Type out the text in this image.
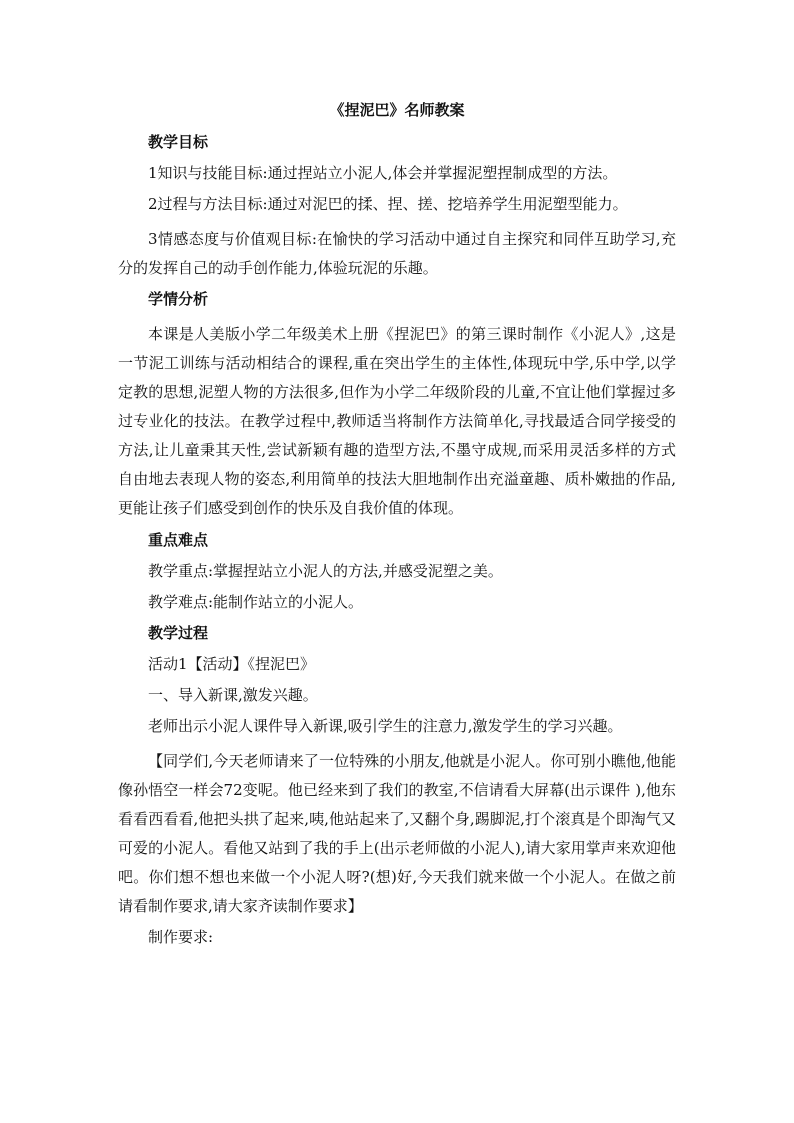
《捏泥巴》名师教案
教学目标
1知识与技能目标:通过捏站立小泥人,体会并掌握泥塑捏制成型的方法。
2过程与方法目标:通过对泥巴的揉、捏、搓、挖培养学生用泥塑型能力。
3情感态度与价值观目标:在愉快的学习活动中通过自主探究和同伴互助学习,充分的发挥自己的动手创作能力,体验玩泥的乐趣。
学情分析
本课是人美版小学二年级美术上册《捏泥巴》的第三课时制作《小泥人》,这是一节泥工训练与活动相结合的课程,重在突出学生的主体性,体现玩中学,乐中学,以学定教的思想,泥塑人物的方法很多,但作为小学二年级阶段的儿童,不宜让他们掌握过多过专业化的技法。在教学过程中,教师适当将制作方法简单化,寻找最适合同学接受的方法,让儿童秉其天性,尝试新颖有趣的造型方法,不墨守成规,而采用灵活多样的方式自由地去表现人物的姿态,利用简单的技法大胆地制作出充溢童趣、质朴嫩拙的作品,更能让孩子们感受到创作的快乐及自我价值的体现。
重点难点
教学重点:掌握捏站立小泥人的方法,并感受泥塑之美。
教学难点:能制作站立的小泥人。
教学过程
活动1【活动】《捏泥巴》
一、导入新课,激发兴趣。
老师出示小泥人课件导入新课,吸引学生的注意力,激发学生的学习兴趣。
【同学们,今天老师请来了一位特殊的小朋友,他就是小泥人。你可别小瞧他,他能像孙悟空一样会72变呢。他已经来到了我们的教室,不信请看大屏幕(出示课件 ),他东看看西看看,他把头拱了起来,咦,他站起来了,又翻个身,踢脚泥,打个滚真是个即淘气又可爱的小泥人。看他又站到了我的手上(出示老师做的小泥人),请大家用掌声来欢迎他吧。你们想不想也来做一个小泥人呀?(想)好,今天我们就来做一个小泥人。在做之前请看制作要求,请大家齐读制作要求】
制作要求:
